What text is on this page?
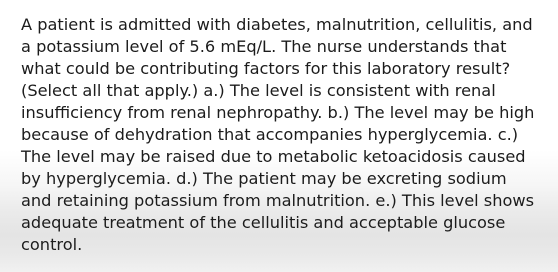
A patient is admitted with diabetes, malnutrition, cellulitis, and a potassium level of 5.6 mEq/L. The nurse understands that what could be contributing factors for this laboratory result? (Select all that apply.) a.) The level is consistent with renal insufficiency from renal nephropathy. b.) The level may be high because of dehydration that accompanies hyperglycemia. c.) The level may be raised due to metabolic ketoacidosis caused by hyperglycemia. d.) The patient may be excreting sodium and retaining potassium from malnutrition. e.) This level shows adequate treatment of the cellulitis and acceptable glucose control.
